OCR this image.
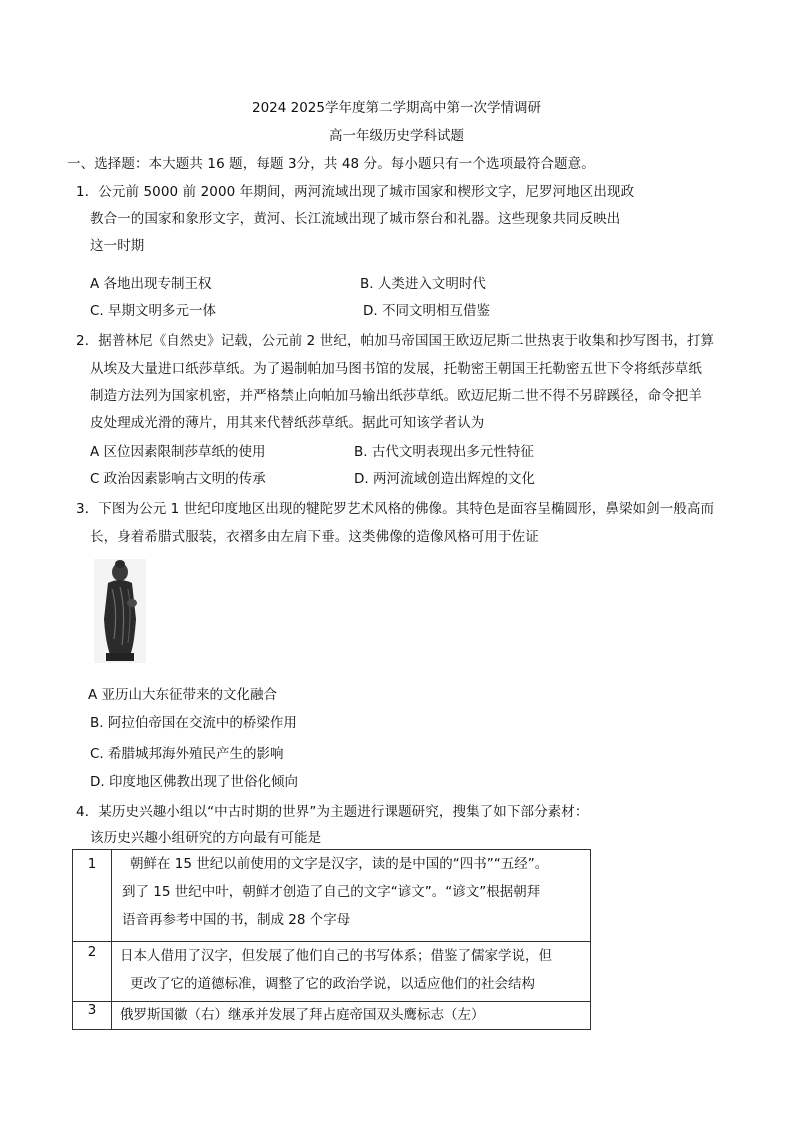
2024 2025学年度第二学期高中第一次学情调研
高一年级历史学科试题
一、选择题：本大题共 16 题，每题 3分，共 48 分。每小题只有一个选项最符合题意。
1．公元前 5000 前 2000 年期间，两河流域出现了城市国家和楔形文字，尼罗河地区出现政
教合一的国家和象形文字，黄河、长江流域出现了城市祭台和礼器。这些现象共同反映出
这一时期
A 各地出现专制王权	B. 人类进入文明时代
C. 早期文明多元一体	D. 不同文明相互借鉴
2．据普林尼《自然史》记载，公元前 2 世纪，帕加马帝国国王欧迈尼斯二世热衷于收集和抄写图书，打算
从埃及大量进口纸莎草纸。为了遏制帕加马图书馆的发展，托勒密王朝国王托勒密五世下令将纸莎草纸
制造方法列为国家机密，并严格禁止向帕加马输出纸莎草纸。欧迈尼斯二世不得不另辟蹊径，命令把羊
皮处理成光滑的薄片，用其来代替纸莎草纸。据此可知该学者认为
A 区位因素限制莎草纸的使用	B. 古代文明表现出多元性特征
C 政治因素影响古文明的传承	D. 两河流域创造出辉煌的文化
3．下图为公元 1 世纪印度地区出现的犍陀罗艺术风格的佛像。其特色是面容呈椭圆形，鼻梁如剑一般高而
长，身着希腊式服装，衣褶多由左肩下垂。这类佛像的造像风格可用于佐证
A 亚历山大东征带来的文化融合
B. 阿拉伯帝国在交流中的桥梁作用
C. 希腊城邦海外殖民产生的影响
D. 印度地区佛教出现了世俗化倾向
4．某历史兴趣小组以“中古时期的世界”为主题进行课题研究，搜集了如下部分素材：
该历史兴趣小组研究的方向最有可能是
1	朝鲜在 15 世纪以前使用的文字是汉字，读的是中国的“四书”“五经”。
到了 15 世纪中叶，朝鲜才创造了自己的文字“谚文”。“谚文”根据朝拜
语音再参考中国的书，制成 28 个字母

2	日本人借用了汉字，但发展了他们自己的书写体系；借鉴了儒家学说，但
更改了它的道德标准，调整了它的政治学说，以适应他们的社会结构

3	俄罗斯国徽（右）继承并发展了拜占庭帝国双头鹰标志（左）
